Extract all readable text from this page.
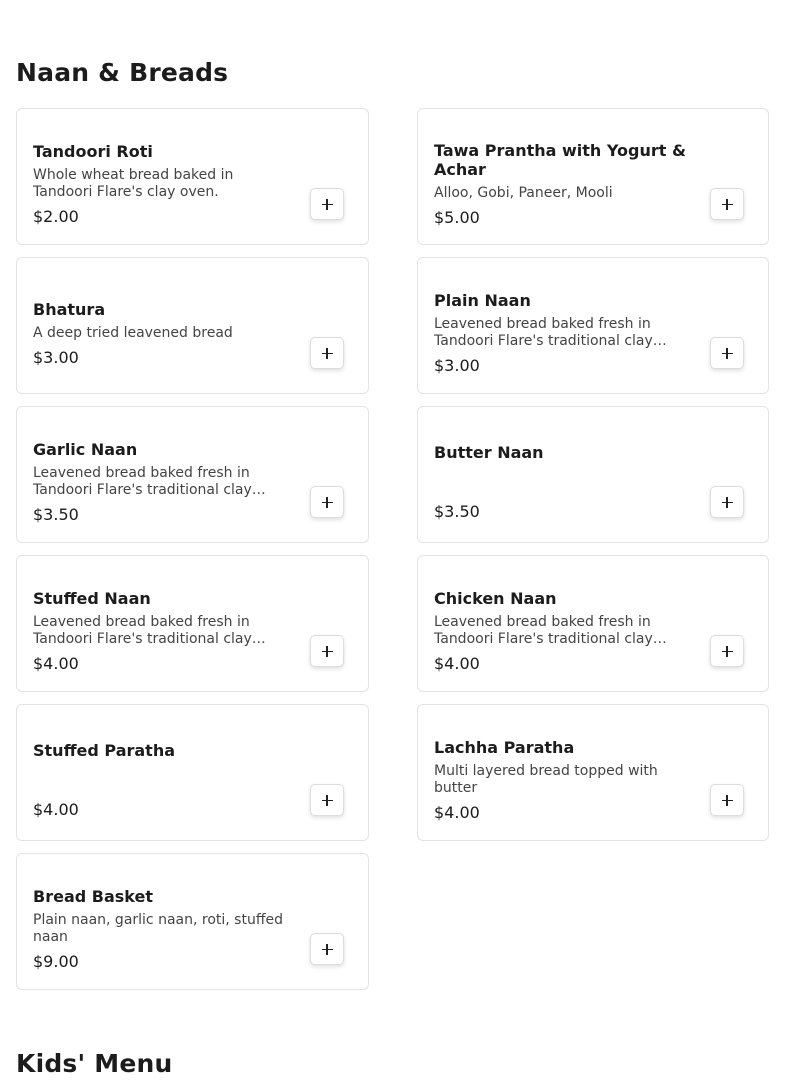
Naan & Breads
Tandoori Roti
Whole wheat bread baked in Tandoori Flare's clay oven.
$2.00
Tawa Prantha with Yogurt & Achar
Alloo, Gobi, Paneer, Mooli
$5.00
Bhatura
A deep tried leavened bread
$3.00
Plain Naan
Leavened bread baked fresh in Tandoori Flare's traditional clay
$3.00
Garlic Naan
Leavened bread baked fresh in Tandoori Flare's traditional clay
$3.50
Butter Naan
$3.50
Stuffed Naan
Leavened bread baked fresh in Tandoori Flare's traditional clay
$4.00
Chicken Naan
Leavened bread baked fresh in Tandoori Flare's traditional clay
$4.00
Stuffed Paratha
$4.00
Lachha Paratha
Multi layered bread topped with butter
$4.00
Bread Basket
Plain naan, garlic naan, roti, stuffed naan
$9.00
Kids' Menu
